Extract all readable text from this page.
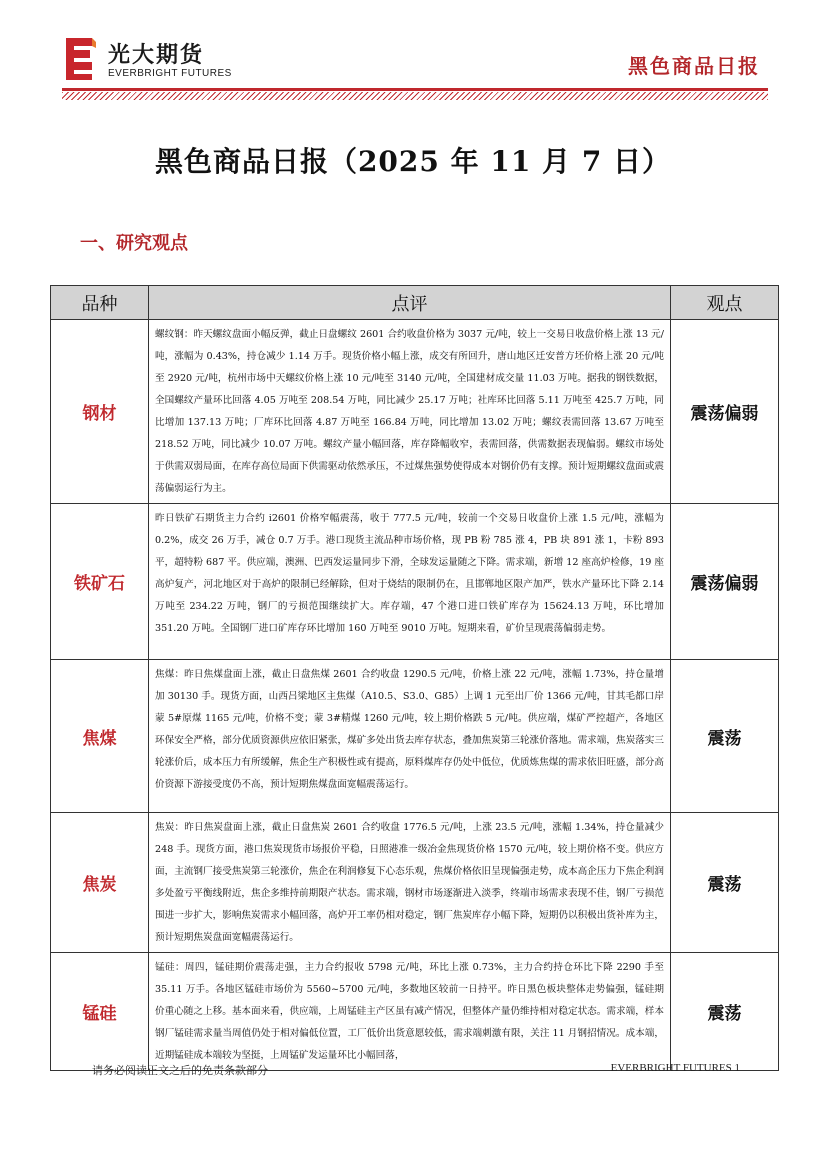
光大期货
EVERBRIGHT FUTURES	黑色商品日报
黑色商品日报（2025 年 11 月 7 日）
一、研究观点
品种	点评	观点
钢材	螺纹钢：昨天螺纹盘面小幅反弹，截止日盘螺纹 2601 合约收盘价格为 3037 元/吨，较上一交易日收盘价格上涨 13 元/吨，涨幅为 0.43%，持仓减少 1.14 万手。现货价格小幅上涨，成交有所回升，唐山地区迁安普方坯价格上涨 20 元/吨至 2920 元/吨，杭州市场中天螺纹价格上涨 10 元/吨至 3140 元/吨，全国建材成交量 11.03 万吨。据我的钢铁数据，全国螺纹产量环比回落 4.05 万吨至 208.54 万吨，同比减少 25.17 万吨；社库环比回落 5.11 万吨至 425.7 万吨，同比增加 137.13 万吨；厂库环比回落 4.87 万吨至 166.84 万吨，同比增加 13.02 万吨；螺纹表需回落 13.67 万吨至 218.52 万吨，同比减少 10.07 万吨。螺纹产量小幅回落，库存降幅收窄，表需回落，供需数据表现偏弱。螺纹市场处于供需双弱局面，在库存高位局面下供需驱动依然承压，不过煤焦强势使得成本对钢价仍有支撑。预计短期螺纹盘面或震荡偏弱运行为主。	震荡偏弱
铁矿石	昨日铁矿石期货主力合约 i2601 价格窄幅震荡，收于 777.5 元/吨，较前一个交易日收盘价上涨 1.5 元/吨，涨幅为 0.2%，成交 26 万手，减仓 0.7 万手。港口现货主流品种市场价格，现 PB 粉 785 涨 4，PB 块 891 涨 1，卡粉 893 平，超特粉 687 平。供应端，澳洲、巴西发运量同步下滑，全球发运量随之下降。需求端，新增 12 座高炉检修，19 座高炉复产，河北地区对于高炉的限制已经解除，但对于烧结的限制仍在，且邯郸地区限产加严，铁水产量环比下降 2.14 万吨至 234.22 万吨，钢厂的亏损范围继续扩大。库存端，47 个港口进口铁矿库存为 15624.13 万吨，环比增加 351.20 万吨。全国钢厂进口矿库存环比增加 160 万吨至 9010 万吨。短期来看，矿价呈现震荡偏弱走势。	震荡偏弱
焦煤	焦煤：昨日焦煤盘面上涨，截止日盘焦煤 2601 合约收盘 1290.5 元/吨，价格上涨 22 元/吨，涨幅 1.73%，持仓量增加 30130 手。现货方面，山西吕梁地区主焦煤（A10.5、S3.0、G85）上调 1 元至出厂价 1366 元/吨，甘其毛都口岸蒙 5#原煤 1165 元/吨，价格不变；蒙 3#精煤 1260 元/吨，较上期价格跌 5 元/吨。供应端，煤矿严控超产，各地区环保安全严格，部分优质资源供应依旧紧张，煤矿多处出货去库存状态，叠加焦炭第三轮涨价落地。需求端，焦炭落实三轮涨价后，成本压力有所缓解，焦企生产积极性或有提高，原料煤库存仍处中低位，优质炼焦煤的需求依旧旺盛，部分高价资源下游接受度仍不高，预计短期焦煤盘面宽幅震荡运行。	震荡
焦炭	焦炭：昨日焦炭盘面上涨，截止日盘焦炭 2601 合约收盘 1776.5 元/吨，上涨 23.5 元/吨，涨幅 1.34%，持仓量减少 248 手。现货方面，港口焦炭现货市场报价平稳，日照港准一级冶金焦现货价格 1570 元/吨，较上期价格不变。供应方面，主流钢厂接受焦炭第三轮涨价，焦企在利润修复下心态乐观，焦煤价格依旧呈现偏强走势，成本高企压力下焦企利润多处盈亏平衡线附近，焦企多维持前期限产状态。需求端，钢材市场逐渐进入淡季，终端市场需求表现不佳，钢厂亏损范围进一步扩大，影响焦炭需求小幅回落，高炉开工率仍相对稳定，钢厂焦炭库存小幅下降，短期仍以积极出货补库为主，预计短期焦炭盘面宽幅震荡运行。	震荡
锰硅	锰硅：周四，锰硅期价震荡走强，主力合约报收 5798 元/吨，环比上涨 0.73%，主力合约持仓环比下降 2290 手至 35.11 万手。各地区锰硅市场价为 5560~5700 元/吨，多数地区较前一日持平。昨日黑色板块整体走势偏强，锰硅期价重心随之上移。基本面来看，供应端，上周锰硅主产区虽有减产情况，但整体产量仍维持相对稳定状态。需求端，样本钢厂锰硅需求量当周值仍处于相对偏低位置，工厂低价出货意愿较低，需求端刺激有限，关注 11 月钢招情况。成本端，近期锰硅成本端较为坚挺，上周锰矿发运量环比小幅回落，	震荡
请务必阅读正文之后的免责条款部分	EVERBRIGHT FUTURES 1
